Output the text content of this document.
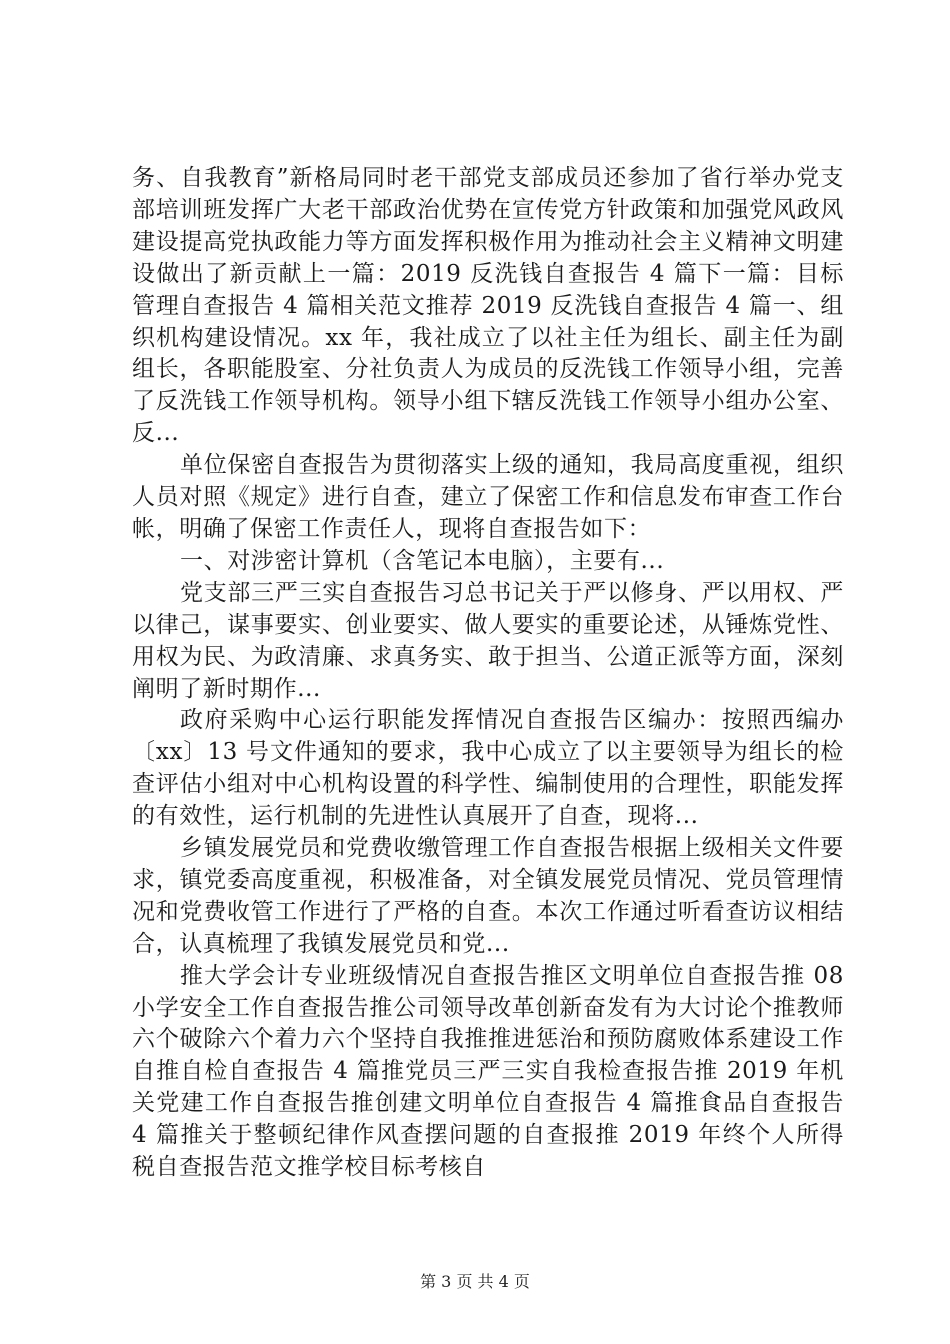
务、自我教育”新格局同时老干部党支部成员还参加了省行举办党支部培训班发挥广大老干部政治优势在宣传党方针政策和加强党风政风建设提高党执政能力等方面发挥积极作用为推动社会主义精神文明建设做出了新贡献上一篇：2019 反洗钱自查报告 4 篇下一篇：目标管理自查报告 4 篇相关范文推荐 2019 反洗钱自查报告 4 篇一、组织机构建设情况。xx 年，我社成立了以社主任为组长、副主任为副组长，各职能股室、分社负责人为成员的反洗钱工作领导小组，完善了反洗钱工作领导机构。领导小组下辖反洗钱工作领导小组办公室、反...

单位保密自查报告为贯彻落实上级的通知，我局高度重视，组织人员对照《规定》进行自查，建立了保密工作和信息发布审查工作台帐，明确了保密工作责任人，现将自查报告如下：

一、对涉密计算机（含笔记本电脑），主要有...

党支部三严三实自查报告习总书记关于严以修身、严以用权、严以律己，谋事要实、创业要实、做人要实的重要论述，从锤炼党性、用权为民、为政清廉、求真务实、敢于担当、公道正派等方面，深刻阐明了新时期作...

政府采购中心运行职能发挥情况自查报告区编办：按照西编办〔xx〕13 号文件通知的要求，我中心成立了以主要领导为组长的检查评估小组对中心机构设置的科学性、编制使用的合理性，职能发挥的有效性，运行机制的先进性认真展开了自查，现将...

乡镇发展党员和党费收缴管理工作自查报告根据上级相关文件要求，镇党委高度重视，积极准备，对全镇发展党员情况、党员管理情况和党费收管工作进行了严格的自查。本次工作通过听看查访议相结合，认真梳理了我镇发展党员和党...

推大学会计专业班级情况自查报告推区文明单位自查报告推 08 小学安全工作自查报告推公司领导改革创新奋发有为大讨论个推教师六个破除六个着力六个坚持自我推推进惩治和预防腐败体系建设工作自推自检自查报告 4 篇推党员三严三实自我检查报告推 2019 年机关党建工作自查报告推创建文明单位自查报告 4 篇推食品自查报告 4 篇推关于整顿纪律作风查摆问题的自查报推 2019 年终个人所得税自查报告范文推学校目标考核自

第 3 页 共 4 页
